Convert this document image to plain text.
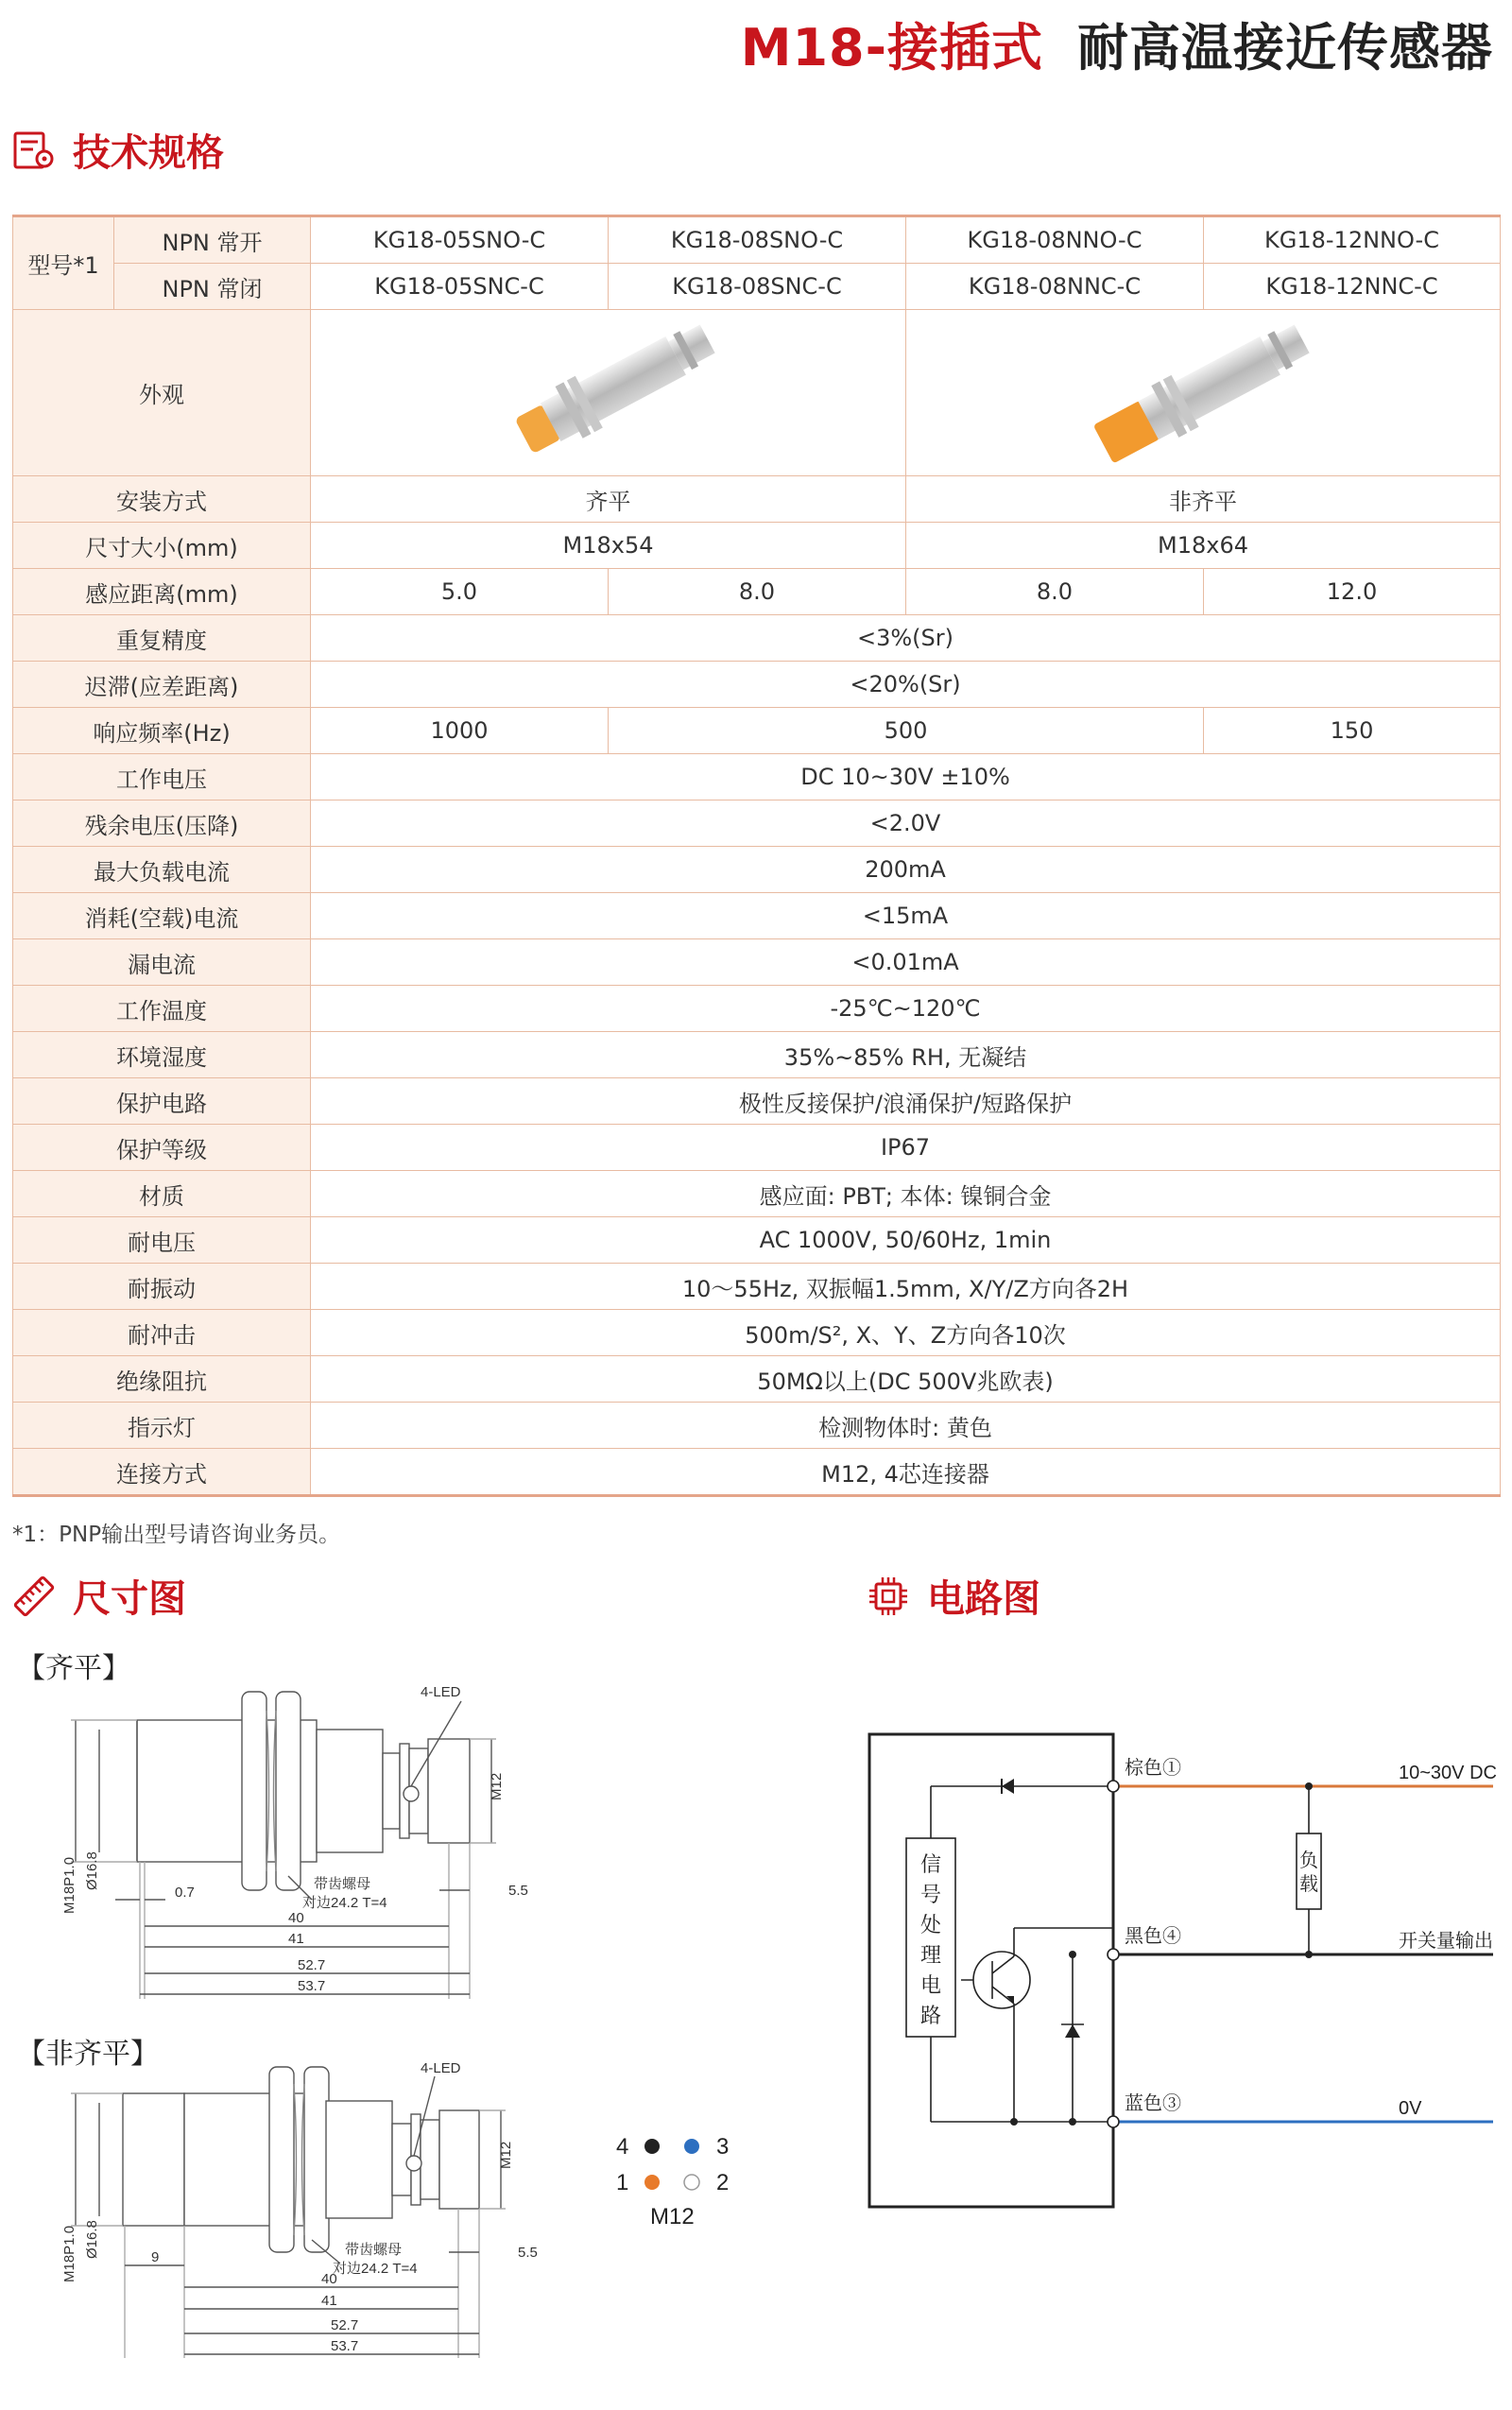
M18-接插式 耐高温接近传感器
技术规格
型号*1	NPN 常开	KG18-05SNO-C	KG18-08SNO-C	KG18-08NNO-C	KG18-12NNO-C
	NPN 常闭	KG18-05SNC-C	KG18-08SNC-C	KG18-08NNC-C	KG18-12NNC-C
外观		
安装方式		齐平		非齐平	
尺寸大小(mm)		M18x54		M18x64	
感应距离(mm)		5.0	8.0	8.0	12.0
重复精度		<3%(Sr)			
迟滞(应差距离)		<20%(Sr)			
响应频率(Hz)		1000	500		150
工作电压		DC 10~30V ±10%			
残余电压(压降)		<2.0V			
最大负载电流		200mA			
消耗(空载)电流		<15mA			
漏电流		<0.01mA			
工作温度		-25℃~120℃			
环境湿度		35%~85% RH, 无凝结			
保护电路		极性反接保护/浪涌保护/短路保护			
保护等级		IP67			
材质		感应面: PBT; 本体: 镍铜合金			
耐电压		AC 1000V, 50/60Hz, 1min			
耐振动		10～55Hz, 双振幅1.5mm, X/Y/Z方向各2H			
耐冲击		500m/S², X、Y、Z方向各10次			
绝缘阻抗		50MΩ以上(DC 500V兆欧表)			
指示灯		检测物体时: 黄色			
连接方式		M12, 4芯连接器			
*1：PNP输出型号请咨询业务员。
尺寸图	电路图
【齐平】
【非齐平】
4-LED
M12
M18P1.0 Ø16.8	带齿螺母
对边24.2 T=4
0.7
40
41
52.7
53.7
5.5
4-LED
M12
M18P1.0 Ø16.8	带齿螺母
对边24.2 T=4
9
40
41
52.7
53.7
5.5
4	3
1	2
M12
棕色①
黑色④
蓝色③
10~30V DC
开关量输出
0V
负
载
信
号
处
理
电
路
